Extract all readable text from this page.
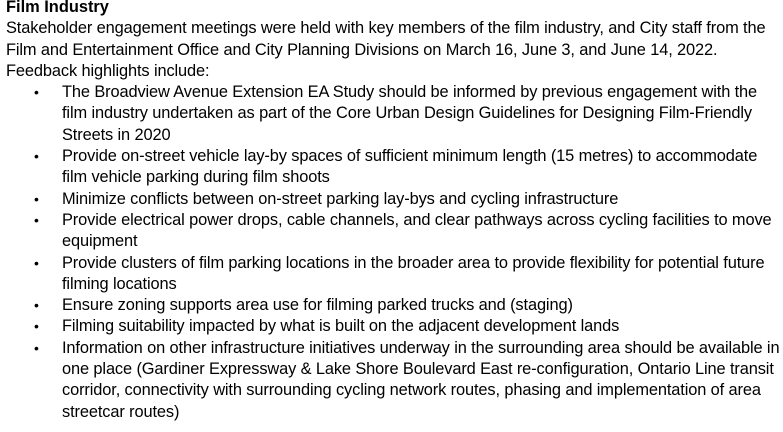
Film Industry

Stakeholder engagement meetings were held with key members of the film industry, and City staff from the Film and Entertainment Office and City Planning Divisions on March 16, June 3, and June 14, 2022. Feedback highlights include:

• The Broadview Avenue Extension EA Study should be informed by previous engagement with the film industry undertaken as part of the Core Urban Design Guidelines for Designing Film-Friendly Streets in 2020
• Provide on-street vehicle lay-by spaces of sufficient minimum length (15 metres) to accommodate film vehicle parking during film shoots
• Minimize conflicts between on-street parking lay-bys and cycling infrastructure
• Provide electrical power drops, cable channels, and clear pathways across cycling facilities to move equipment
• Provide clusters of film parking locations in the broader area to provide flexibility for potential future filming locations
• Ensure zoning supports area use for filming parked trucks and (staging)
• Filming suitability impacted by what is built on the adjacent development lands
• Information on other infrastructure initiatives underway in the surrounding area should be available in one place (Gardiner Expressway & Lake Shore Boulevard East re-configuration, Ontario Line transit corridor, connectivity with surrounding cycling network routes, phasing and implementation of area streetcar routes)
